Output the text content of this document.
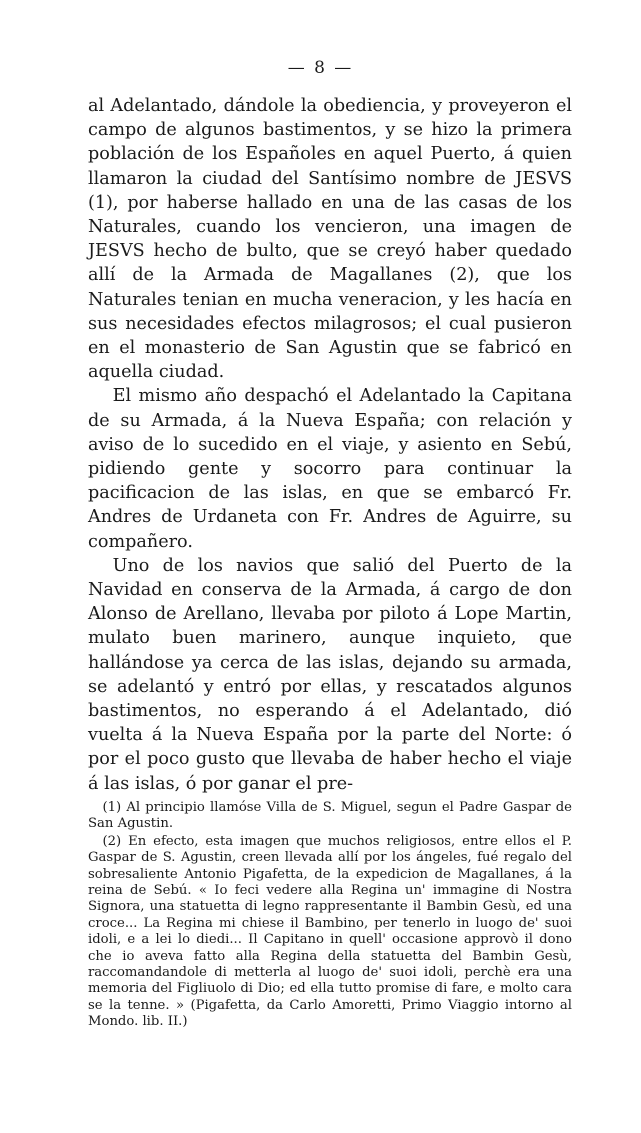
— 8 —

al Adelantado, dándole la obediencia, y proveyeron el campo de algunos bastimentos, y se hizo la primera población de los Españoles en aquel Puerto, á quien llamaron la ciudad del Santísimo nombre de JESVS (1), por haberse hallado en una de las casas de los Naturales, cuando los vencieron, una imagen de JESVS hecho de bulto, que se creyó haber quedado allí de la Armada de Magallanes (2), que los Naturales tenian en mucha veneracion, y les hacía en sus necesidades efectos milagrosos; el cual pusieron en el monasterio de San Agustin que se fabricó en aquella ciudad.

El mismo año despachó el Adelantado la Capitana de su Armada, á la Nueva España; con relación y aviso de lo sucedido en el viaje, y asiento en Sebú, pidiendo gente y socorro para continuar la pacificacion de las islas, en que se embarcó Fr. Andres de Urdaneta con Fr. Andres de Aguirre, su compañero.

Uno de los navios que salió del Puerto de la Navidad en conserva de la Armada, á cargo de don Alonso de Arellano, llevaba por piloto á Lope Martin, mulato buen marinero, aunque inquieto, que hallándose ya cerca de las islas, dejando su armada, se adelantó y entró por ellas, y rescatados algunos bastimentos, no esperando á el Adelantado, dió vuelta á la Nueva España por la parte del Norte: ó por el poco gusto que llevaba de haber hecho el viaje á las islas, ó por ganar el pre-

(1) Al principio llamóse Villa de S. Miguel, segun el Padre Gaspar de San Agustin.

(2) En efecto, esta imagen que muchos religiosos, entre ellos el P. Gaspar de S. Agustin, creen llevada allí por los ángeles, fué regalo del sobresaliente Antonio Pigafetta, de la expedicion de Magallanes, á la reina de Sebú. « Io feci vedere alla Regina un' immagine di Nostra Signora, una statuetta di legno rappresentante il Bambin Gesù, ed una croce... La Regina mi chiese il Bambino, per tenerlo in luogo de' suoi idoli, e a lei lo diedi... Il Capitano in quell' occasione approvò il dono che io aveva fatto alla Regina della statuetta del Bambin Gesù, raccomandandole di metterla al luogo de' suoi idoli, perchè era una memoria del Figliuolo di Dio; ed ella tutto promise di fare, e molto cara se la tenne. » (Pigafetta, da Carlo Amoretti, Primo Viaggio intorno al Mondo. lib. II.)
